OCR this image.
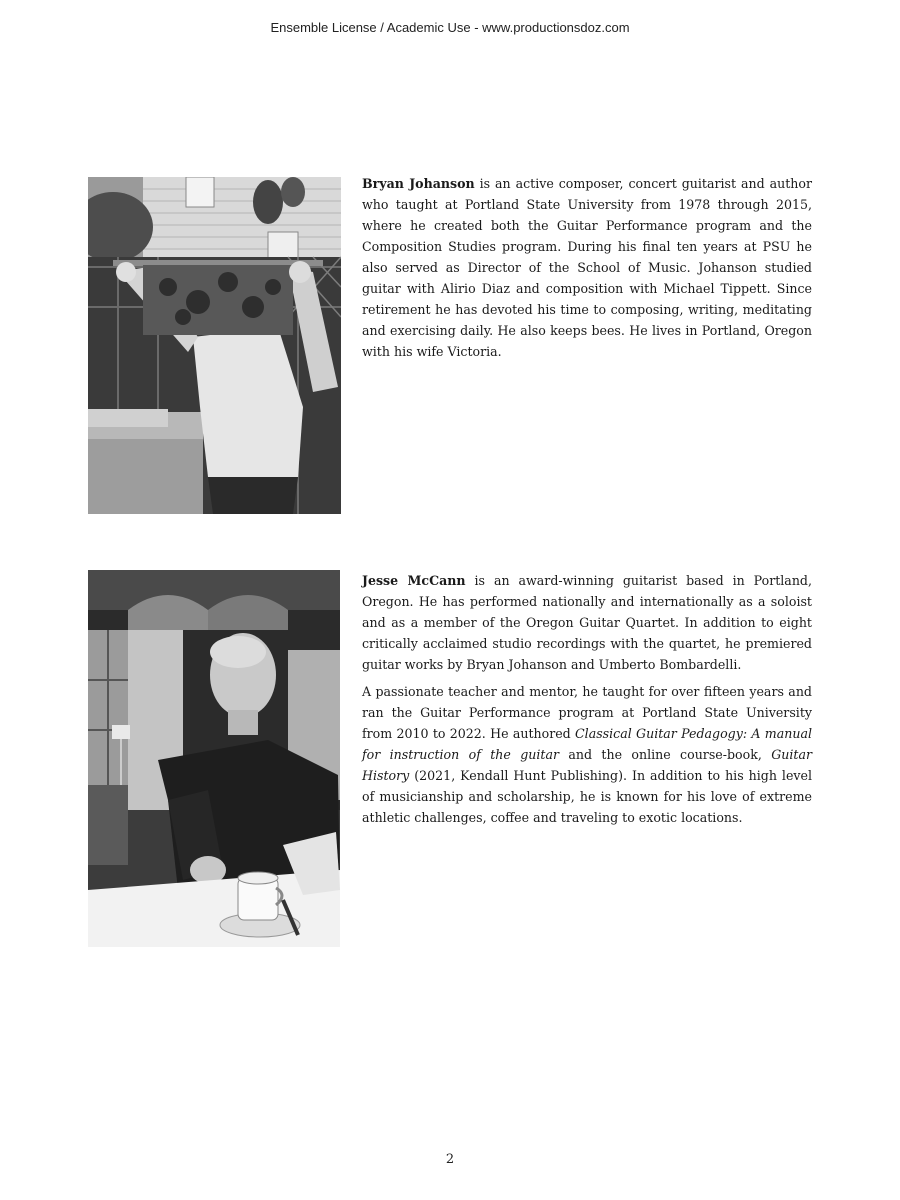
Ensemble License / Academic Use - www.productionsdoz.com

Bryan Johanson is an active composer, concert guitarist and author who taught at Portland State University from 1978 through 2015, where he created both the Guitar Performance program and the Composition Studies program. During his final ten years at PSU he also served as Director of the School of Music. Johanson studied guitar with Alirio Diaz and composition with Michael Tippett. Since retirement he has devoted his time to composing, writing, meditating and exercising daily. He also keeps bees. He lives in Portland, Oregon with his wife Victoria.

Jesse McCann is an award-winning guitarist based in Portland, Oregon. He has performed nationally and internationally as a soloist and as a member of the Oregon Guitar Quartet. In addition to eight critically acclaimed studio recordings with the quartet, he premiered guitar works by Bryan Johanson and Umberto Bombardelli.

A passionate teacher and mentor, he taught for over fifteen years and ran the Guitar Performance program at Portland State University from 2010 to 2022. He authored Classical Guitar Pedagogy: A manual for instruction of the guitar and the online course-book, Guitar History (2021, Kendall Hunt Publishing). In addition to his high level of musicianship and scholarship, he is known for his love of extreme athletic challenges, coffee and traveling to exotic locations.

2
